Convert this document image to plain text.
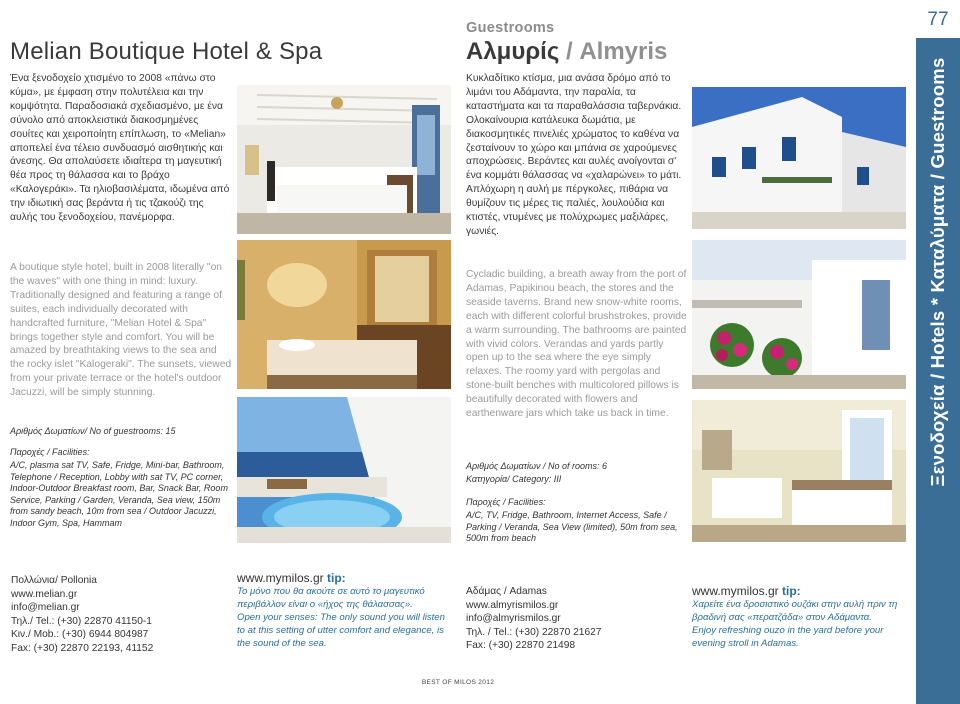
Melian Boutique Hotel & Spa

Ένα ξενοδοχείο χτισμένο το 2008 «πάνω στο κύμα», με έμφαση στην πολυτέλεια και την κομψότητα. Παραδοσιακά σχεδιασμένο, με ένα σύνολο από αποκλειστικά διακοσμημένες σουίτες και χειροποίητη επίπλωση, το «Melian» αποπελεί ένα τέλειο συνδυασμό αισθητικής και άνεσης. Θα απολαύσετε ιδιαίτερα τη μαγευτική θέα προς τη θάλασσα και το βράχο «Καλογεράκι». Τα ηλιοβασιλέματα, ιδωμένα από την ιδιωτική σας βεράντα ή τις τζακούζι της αυλής του ξενοδοχείου, πανέμορφα.

A boutique style hotel, built in 2008 literally "on the waves" with one thing in mind: luxury. Traditionally designed and featuring a range of suites, each individually decorated with handcrafted furniture, "Melian Hotel & Spa" brings together style and comfort. You will be amazed by breathtaking views to the sea and the rocky islet "Kalogeraki". The sunsets, viewed from your private terrace or the hotel's outdoor Jacuzzi, will be simply stunning.

Αριθμός Δωματίων/ No of guestrooms: 15

Παροχές / Facilities:

A/C, plasma sat TV, Safe, Fridge, Mini-bar, Bathroom, Telephone / Reception, Lobby with sat TV, PC corner, Indoor-Outdoor Breakfast room, Bar, Snack Bar, Room Service, Parking / Garden, Veranda, Sea view, 150m from sandy beach, 10m from sea / Outdoor Jacuzzi, Indoor Gym, Spa, Hammam

Guestrooms
Αλμυρίς / Almyris

Κυκλαδίτικο κτίσμα, μια ανάσα δρόμο από το λιμάνι του Αδάμαντα, την παραλία, τα καταστήματα και τα παραθαλάσσια ταβερνάκια. Ολοκαίνουρια κατάλευκα δωμάτια, με διακοσμητικές πινελιές χρώματος το καθένα να ζεσταίνουν το χώρο και μπάνια σε χαρούμενες αποχρώσεις. Βεράντες και αυλές ανοίγονται σ' ένα κομμάτι θάλασσας να «χαλαρώνει» το μάτι. Απλόχωρη η αυλή με πέργκολες, πιθάρια να θυμίζουν τις μέρες τις παλιές, λουλούδια και κτιστές, ντυμένες με πολύχρωμες μαξιλάρες, γωνιές.

Cycladic building, a breath away from the port of Adamas, Papikinou beach, the stores and the seaside taverns. Brand new snow-white rooms, each with different colorful brushstrokes, provide a warm surrounding. The bathrooms are painted with vivid colors. Verandas and yards partly open up to the sea where the eye simply relaxes. The roomy yard with pergolas and stone-built benches with multicolored pillows is beautifully decorated with flowers and earthenware jars which take us back in time.

Αριθμός Δωματίων / No of rooms: 6

Κατηγορία/ Category: ΙΙΙ

Παροχές / Facilities:

A/C, TV, Fridge, Bathroom, Internet Access, Safe / Parking / Veranda, Sea View (limited), 50m from sea, 500m from beach

Πολλώνια/ Pollonia
www.melian.gr
info@melian.gr
Τηλ./ Tel.: (+30) 22870 41150-1
Κιν./ Mob.: (+30) 6944 804987
Fax: (+30) 22870 22193, 41152
www.mymilos.gr tip:
Το μόνο που θα ακούτε σε αυτό το μαγευτικό περιβάλλον είναι ο «ήχος της θάλασσας».
Open your senses: The only sound you will listen to at this setting of utter comfort and elegance, is the sound of the sea.
Αδάμας / Adamas
www.almyrismilos.gr
info@almyrismilos.gr
Τηλ. / Tel.: (+30) 22870 21627
Fax: (+30) 22870 21498
www.mymilos.gr tip:
Χαρείτε ένα δροσιστικό ουζάκι στην αυλή πριν τη βραδινή σας «περατζάδα» στον Αδάμαντα.
Enjoy refreshing ouzo in the yard before your evening stroll in Adamas.
BEST OF MILOS 2012
77
Ξενοδοχεία / Hotels * Καταλύματα / Guestrooms
